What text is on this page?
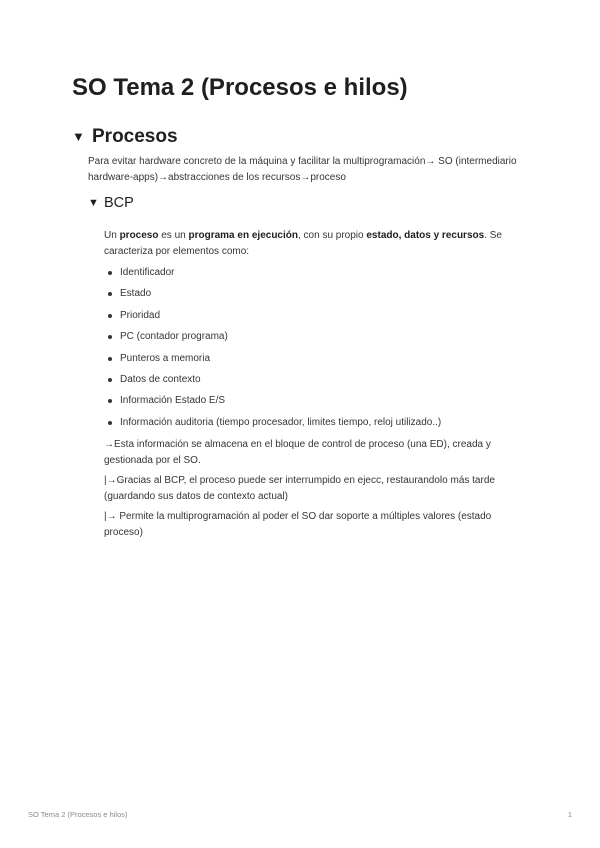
SO Tema 2 (Procesos e hilos)
▼ Procesos

Para evitar hardware concreto de la máquina y facilitar la multiprogramación→ SO (intermediario hardware-apps)→abstracciones de los recursos→proceso

▼ BCP

Un proceso es un programa en ejecución, con su propio estado, datos y recursos. Se caracteriza por elementos como:

Identificador
Estado
Prioridad
PC (contador programa)
Punteros a memoria
Datos de contexto
Información Estado E/S
Información auditoria (tiempo procesador, limites tiempo, reloj utilizado..)

→Esta información se almacena en el bloque de control de proceso (una ED), creada y gestionada por el SO.

|→Gracias al BCP, el proceso puede ser interrumpido en ejecc, restaurandolo más tarde (guardando sus datos de contexto actual)

|→ Permite la multiprogramación al poder el SO dar soporte a múltiples valores (estado proceso)

SO Tema 2 (Procesos e hilos)	1
